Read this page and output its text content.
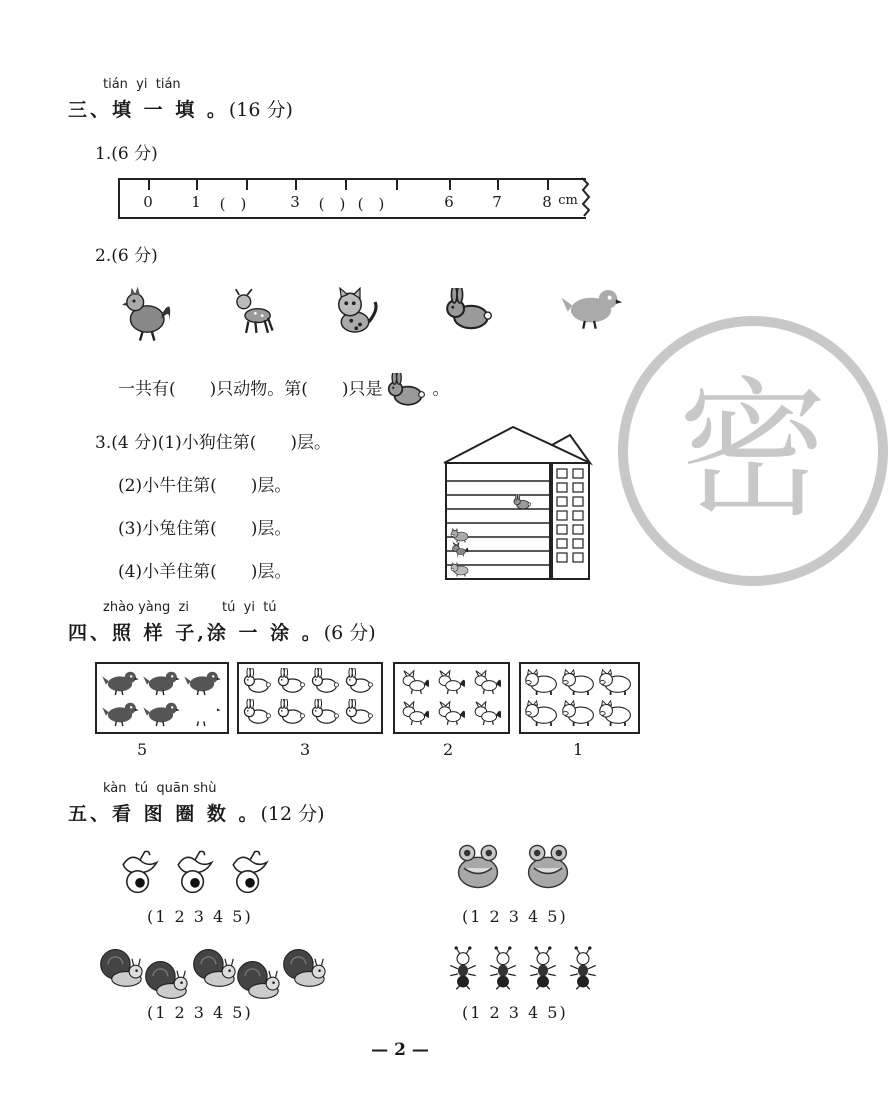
密
tián  yi  tián
三、填 一 填 。(16 分)
1.(6 分)
0	1 (　)	3 (　) (　)	6	7	8 cm
2.(6 分)
一共有(　　)只动物。第(　　)只是	。
3.(4 分)(1)小狗住第(　　)层。
(2)小牛住第(　　)层。
(3)小兔住第(　　)层。
(4)小羊住第(　　)层。
zhào yàng  zi        tú  yi  tú
四、照 样 子,涂 一 涂 。(6 分)
5	3	2	1
kàn  tú  quān shù
五、看 图 圈 数 。(12 分)
(1 2 3 4 5)	(1 2 3 4 5)
(1 2 3 4 5)	(1 2 3 4 5)
— 2 —
